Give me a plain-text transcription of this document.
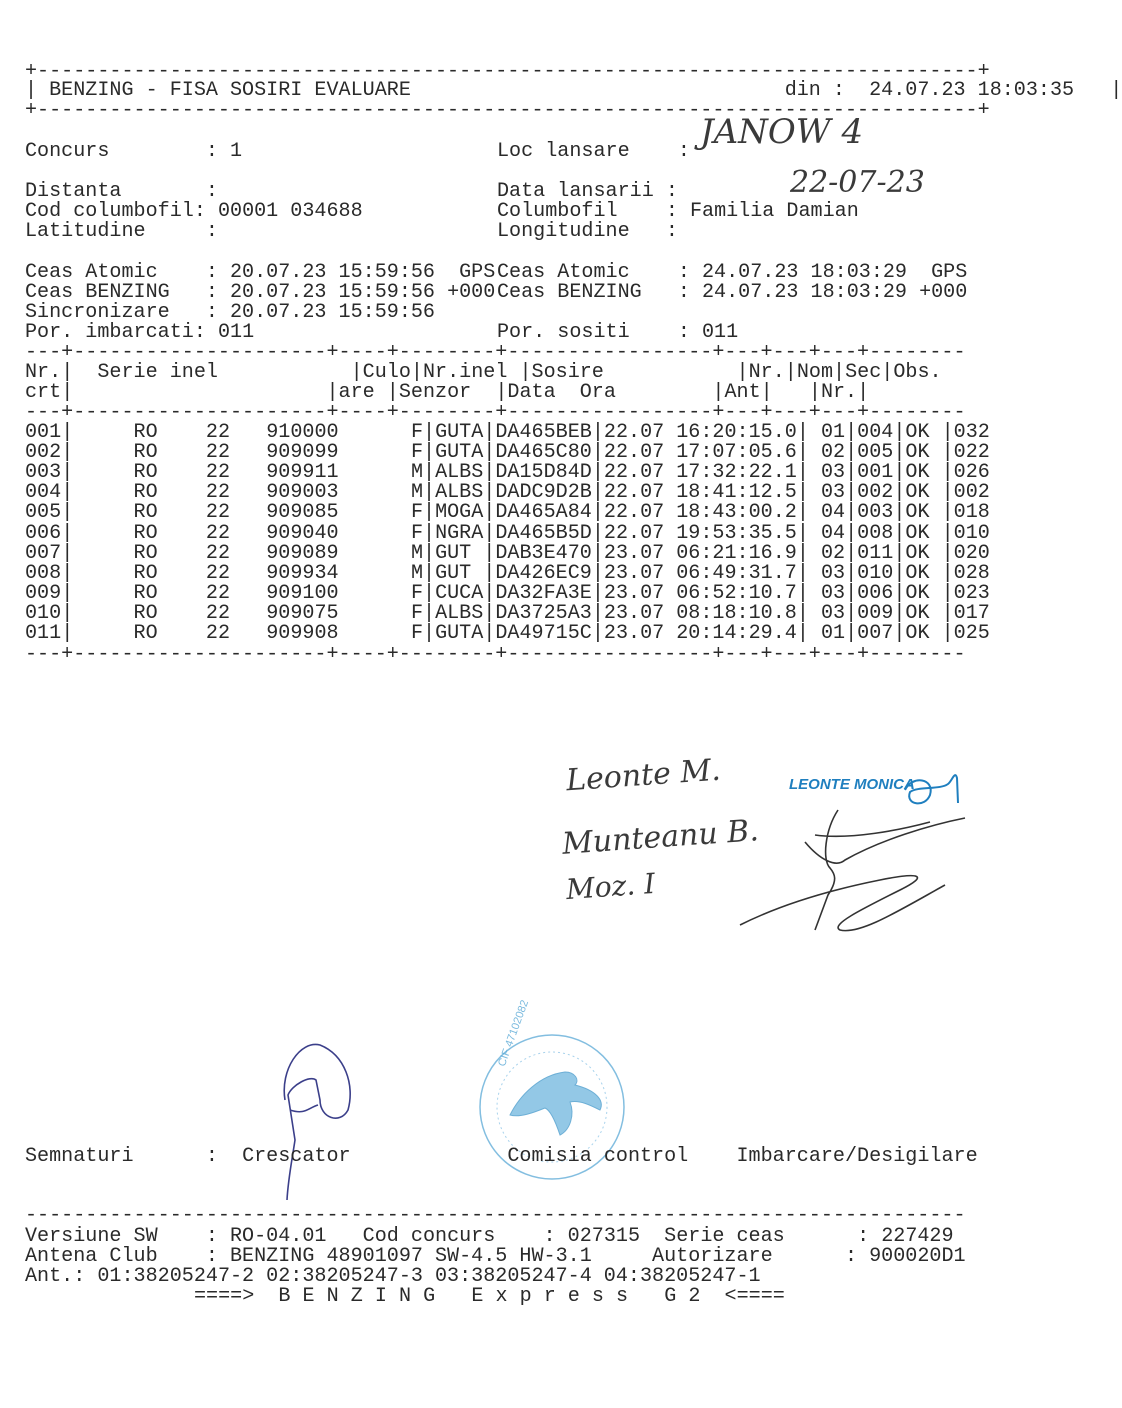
+------------------------------------------------------------------------------+
| BENZING - FISA SOSIRI EVALUARE	din : 24.07.23 18:03:35   |
+------------------------------------------------------------------------------+
Concurs        : 1	Loc lansare    : JANOW 4
Distanta       :	Data lansarii :	22-07-23
Cod columbofil: 00001 034688	Columbofil    : Familia Damian
Latitudine     :	Longitudine   :
Ceas Atomic    : 20.07.23 15:59:56 GPS Ceas Atomic    : 24.07.23 18:03:29 GPS
Ceas BENZING   : 20.07.23 15:59:56 +000 Ceas BENZING   : 24.07.23 18:03:29 +000
Sincronizare   : 20.07.23 15:59:56
Por. imbarcati: 011	Por. sositi    : 011
---+---------------------+----+--------+-----------------+---+---+---+--------
Nr.|  Serie inel           |Culo|Nr.inel |Sosire           |Nr.|Nom|Sec|Obs.
crt|                     |are |Senzor  |Data  Ora        |Ant|   |Nr.|
---+---------------------+----+--------+-----------------+---+---+---+--------
001|     RO 22 910000	F|GUTA|DA465BEB|22.07 16:20:15.0| 01|004|OK |032
002|     RO 22 909099	F|GUTA|DA465C80|22.07 17:07:05.6| 02|005|OK |022
003|     RO 22 909911	M|ALBS|DA15D84D|22.07 17:32:22.1| 03|001|OK |026
004|     RO 22 909003	M|ALBS|DADC9D2B|22.07 18:41:12.5| 03|002|OK |002
005|     RO 22 909085	F|MOGA|DA465A84|22.07 18:43:00.2| 04|003|OK |018
006|     RO 22 909040	F|NGRA|DA465B5D|22.07 19:53:35.5| 04|008|OK |010
007|     RO 22 909089	M|GUT |DAB3E470|23.07 06:21:16.9| 02|011|OK |020
008|     RO 22 909934	M|GUT |DA426EC9|23.07 06:49:31.7| 03|010|OK |028
009|     RO 22 909100	F|CUCA|DA32FA3E|23.07 06:52:10.7| 03|006|OK |023
010|     RO 22 909075	F|ALBS|DA3725A3|23.07 08:18:10.8| 03|009|OK |017
011|     RO 22 909908	F|GUTA|DA49715C|23.07 20:14:29.4| 01|007|OK |025
---+---------------------+----+--------+-----------------+---+---+---+--------
Leonte M.
Munteanu B.
Moz. I
LEONTE MONICA
CIF 47102082
Semnaturi      :  Crescator	Comisia control Imbarcare/Desigilare
------------------------------------------------------------------------------
Versiune SW    : RO-04.01 Cod concurs    : 027315 Serie ceas      : 227429
Antena Club    : BENZING 48901097 SW-4.5 HW-3.1	Autorizare      : 900020D1
Ant.: 01:38205247-2 02:38205247-3 03:38205247-4 04:38205247-1
====>  B E N Z I N G   E x p r e s s   G 2  <====
